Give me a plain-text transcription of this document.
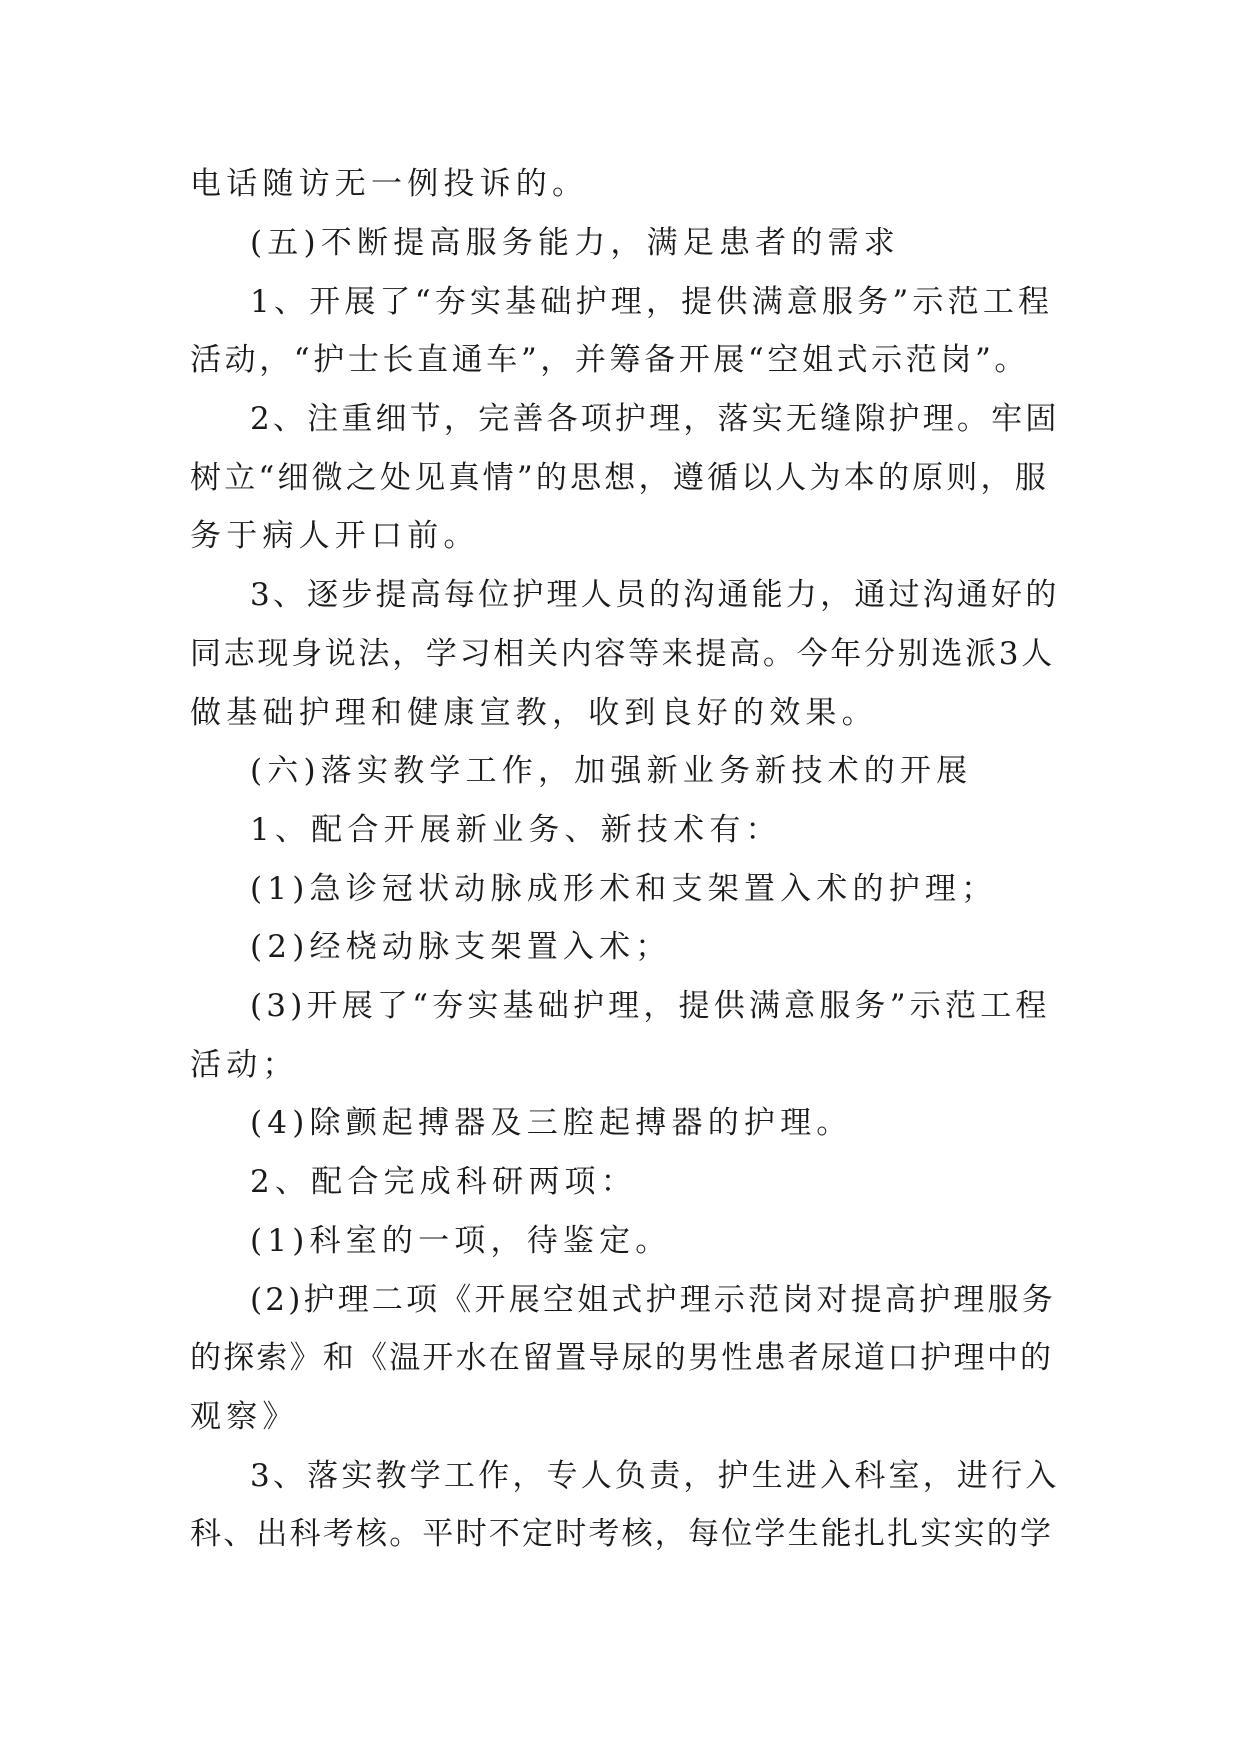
电话随访无一例投诉的。
(五)不断提高服务能力，满足患者的需求
1、开展了“夯实基础护理，提供满意服务”示范工程
活动，“护士长直通车”，并筹备开展“空姐式示范岗”。
2、注重细节，完善各项护理，落实无缝隙护理。牢固
树立“细微之处见真情”的思想，遵循以人为本的原则，服
务于病人开口前。
3、逐步提高每位护理人员的沟通能力，通过沟通好的
同志现身说法，学习相关内容等来提高。今年分别选派3人
做基础护理和健康宣教，收到良好的效果。
(六)落实教学工作，加强新业务新技术的开展
1、配合开展新业务、新技术有：
(1)急诊冠状动脉成形术和支架置入术的护理；
(2)经桡动脉支架置入术；
(3)开展了“夯实基础护理，提供满意服务”示范工程
活动；
(4)除颤起搏器及三腔起搏器的护理。
2、配合完成科研两项：
(1)科室的一项，待鉴定。
(2)护理二项《开展空姐式护理示范岗对提高护理服务
的探索》和《温开水在留置导尿的男性患者尿道口护理中的
观察》
3、落实教学工作，专人负责，护生进入科室，进行入
科、出科考核。平时不定时考核，每位学生能扎扎实实的学
